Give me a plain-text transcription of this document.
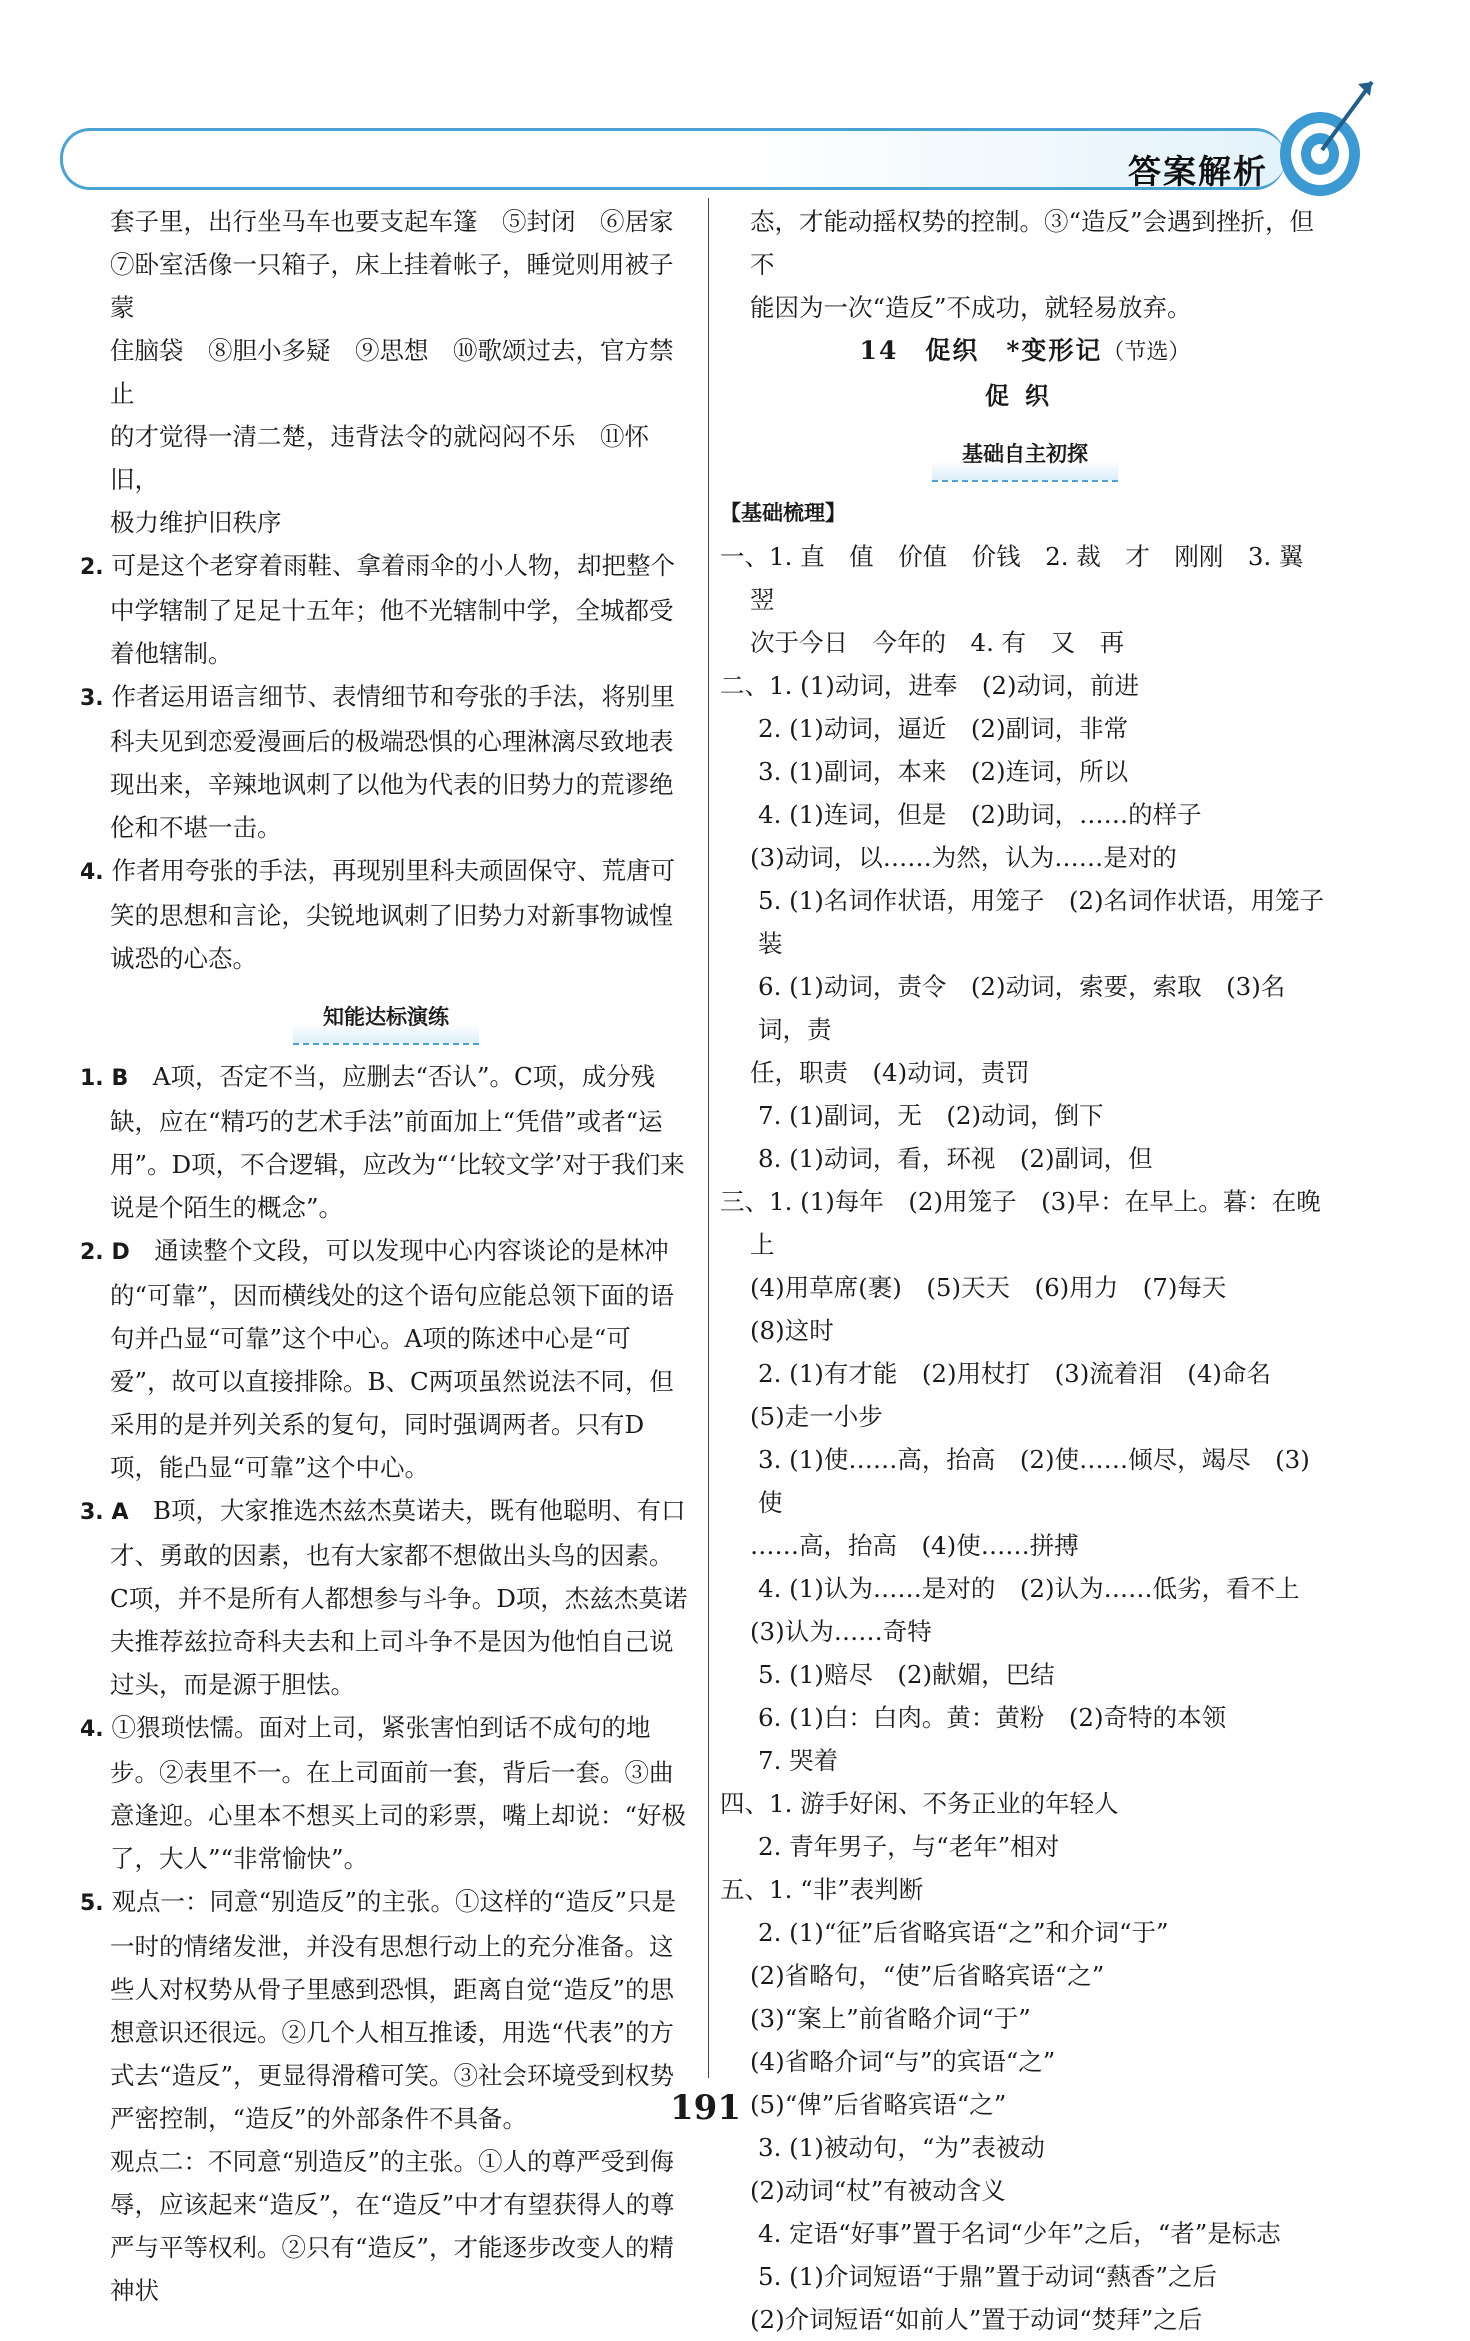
答案解析

套子里，出行坐马车也要支起车篷　⑤封闭　⑥居家

⑦卧室活像一只箱子，床上挂着帐子，睡觉则用被子蒙

住脑袋　⑧胆小多疑　⑨思想　⑩歌颂过去，官方禁止

的才觉得一清二楚，违背法令的就闷闷不乐　⑪怀旧，

极力维护旧秩序

2. 可是这个老穿着雨鞋、拿着雨伞的小人物，却把整个中学辖制了足足十五年；他不光辖制中学，全城都受着他辖制。

3. 作者运用语言细节、表情细节和夸张的手法，将别里科夫见到恋爱漫画后的极端恐惧的心理淋漓尽致地表现出来，辛辣地讽刺了以他为代表的旧势力的荒谬绝伦和不堪一击。

4. 作者用夸张的手法，再现别里科夫顽固保守、荒唐可笑的思想和言论，尖锐地讽刺了旧势力对新事物诚惶诚恐的心态。

知能达标演练

1. B　A项，否定不当，应删去“否认”。C项，成分残缺，应在“精巧的艺术手法”前面加上“凭借”或者“运用”。D项，不合逻辑，应改为“‘比较文学’对于我们来说是个陌生的概念”。

2. D　通读整个文段，可以发现中心内容谈论的是林冲的“可靠”，因而横线处的这个语句应能总领下面的语句并凸显“可靠”这个中心。A项的陈述中心是“可爱”，故可以直接排除。B、C两项虽然说法不同，但采用的是并列关系的复句，同时强调两者。只有D项，能凸显“可靠”这个中心。

3. A　B项，大家推选杰兹杰莫诺夫，既有他聪明、有口才、勇敢的因素，也有大家都不想做出头鸟的因素。C项，并不是所有人都想参与斗争。D项，杰兹杰莫诺夫推荐兹拉奇科夫去和上司斗争不是因为他怕自己说过头，而是源于胆怯。

4. ①猥琐怯懦。面对上司，紧张害怕到话不成句的地步。②表里不一。在上司面前一套，背后一套。③曲意逢迎。心里本不想买上司的彩票，嘴上却说：“好极了，大人”“非常愉快”。

5. 观点一：同意“别造反”的主张。①这样的“造反”只是一时的情绪发泄，并没有思想行动上的充分准备。这些人对权势从骨子里感到恐惧，距离自觉“造反”的思想意识还很远。②几个人相互推诿，用选“代表”的方式去“造反”，更显得滑稽可笑。③社会环境受到权势严密控制，“造反”的外部条件不具备。

观点二：不同意“别造反”的主张。①人的尊严受到侮辱，应该起来“造反”，在“造反”中才有望获得人的尊严与平等权利。②只有“造反”，才能逐步改变人的精神状

态，才能动摇权势的控制。③“造反”会遇到挫折，但不

能因为一次“造反”不成功，就轻易放弃。

14　促织　*变形记（节选）

促织

基础自主初探

【基础梳理】

一、1. 直　值　价值　价钱　2. 裁　才　刚刚　3. 翼　翌

次于今日　今年的　4. 有　又　再

二、1. (1)动词，进奉　(2)动词，前进

2. (1)动词，逼近　(2)副词，非常

3. (1)副词，本来　(2)连词，所以

4. (1)连词，但是　(2)助词，……的样子

(3)动词，以……为然，认为……是对的

5. (1)名词作状语，用笼子　(2)名词作状语，用笼子装

6. (1)动词，责令　(2)动词，索要，索取　(3)名词，责

任，职责　(4)动词，责罚

7. (1)副词，无　(2)动词，倒下

8. (1)动词，看，环视　(2)副词，但

三、1. (1)每年　(2)用笼子　(3)早：在早上。暮：在晚上

(4)用草席(裹)　(5)天天　(6)用力　(7)每天

(8)这时

2. (1)有才能　(2)用杖打　(3)流着泪　(4)命名

(5)走一小步

3. (1)使……高，抬高　(2)使……倾尽，竭尽　(3)使

……高，抬高　(4)使……拼搏

4. (1)认为……是对的　(2)认为……低劣，看不上

(3)认为……奇特

5. (1)赔尽　(2)献媚，巴结

6. (1)白：白肉。黄：黄粉　(2)奇特的本领

7. 哭着

四、1. 游手好闲、不务正业的年轻人

2. 青年男子，与“老年”相对

五、1. “非”表判断

2. (1)“征”后省略宾语“之”和介词“于”

(2)省略句，“使”后省略宾语“之”

(3)“案上”前省略介词“于”

(4)省略介词“与”的宾语“之”

(5)“俾”后省略宾语“之”

3. (1)被动句，“为”表被动

(2)动词“杖”有被动含义

4. 定语“好事”置于名词“少年”之后，“者”是标志

5. (1)介词短语“于鼎”置于动词“爇香”之后

(2)介词短语“如前人”置于动词“焚拜”之后

191
